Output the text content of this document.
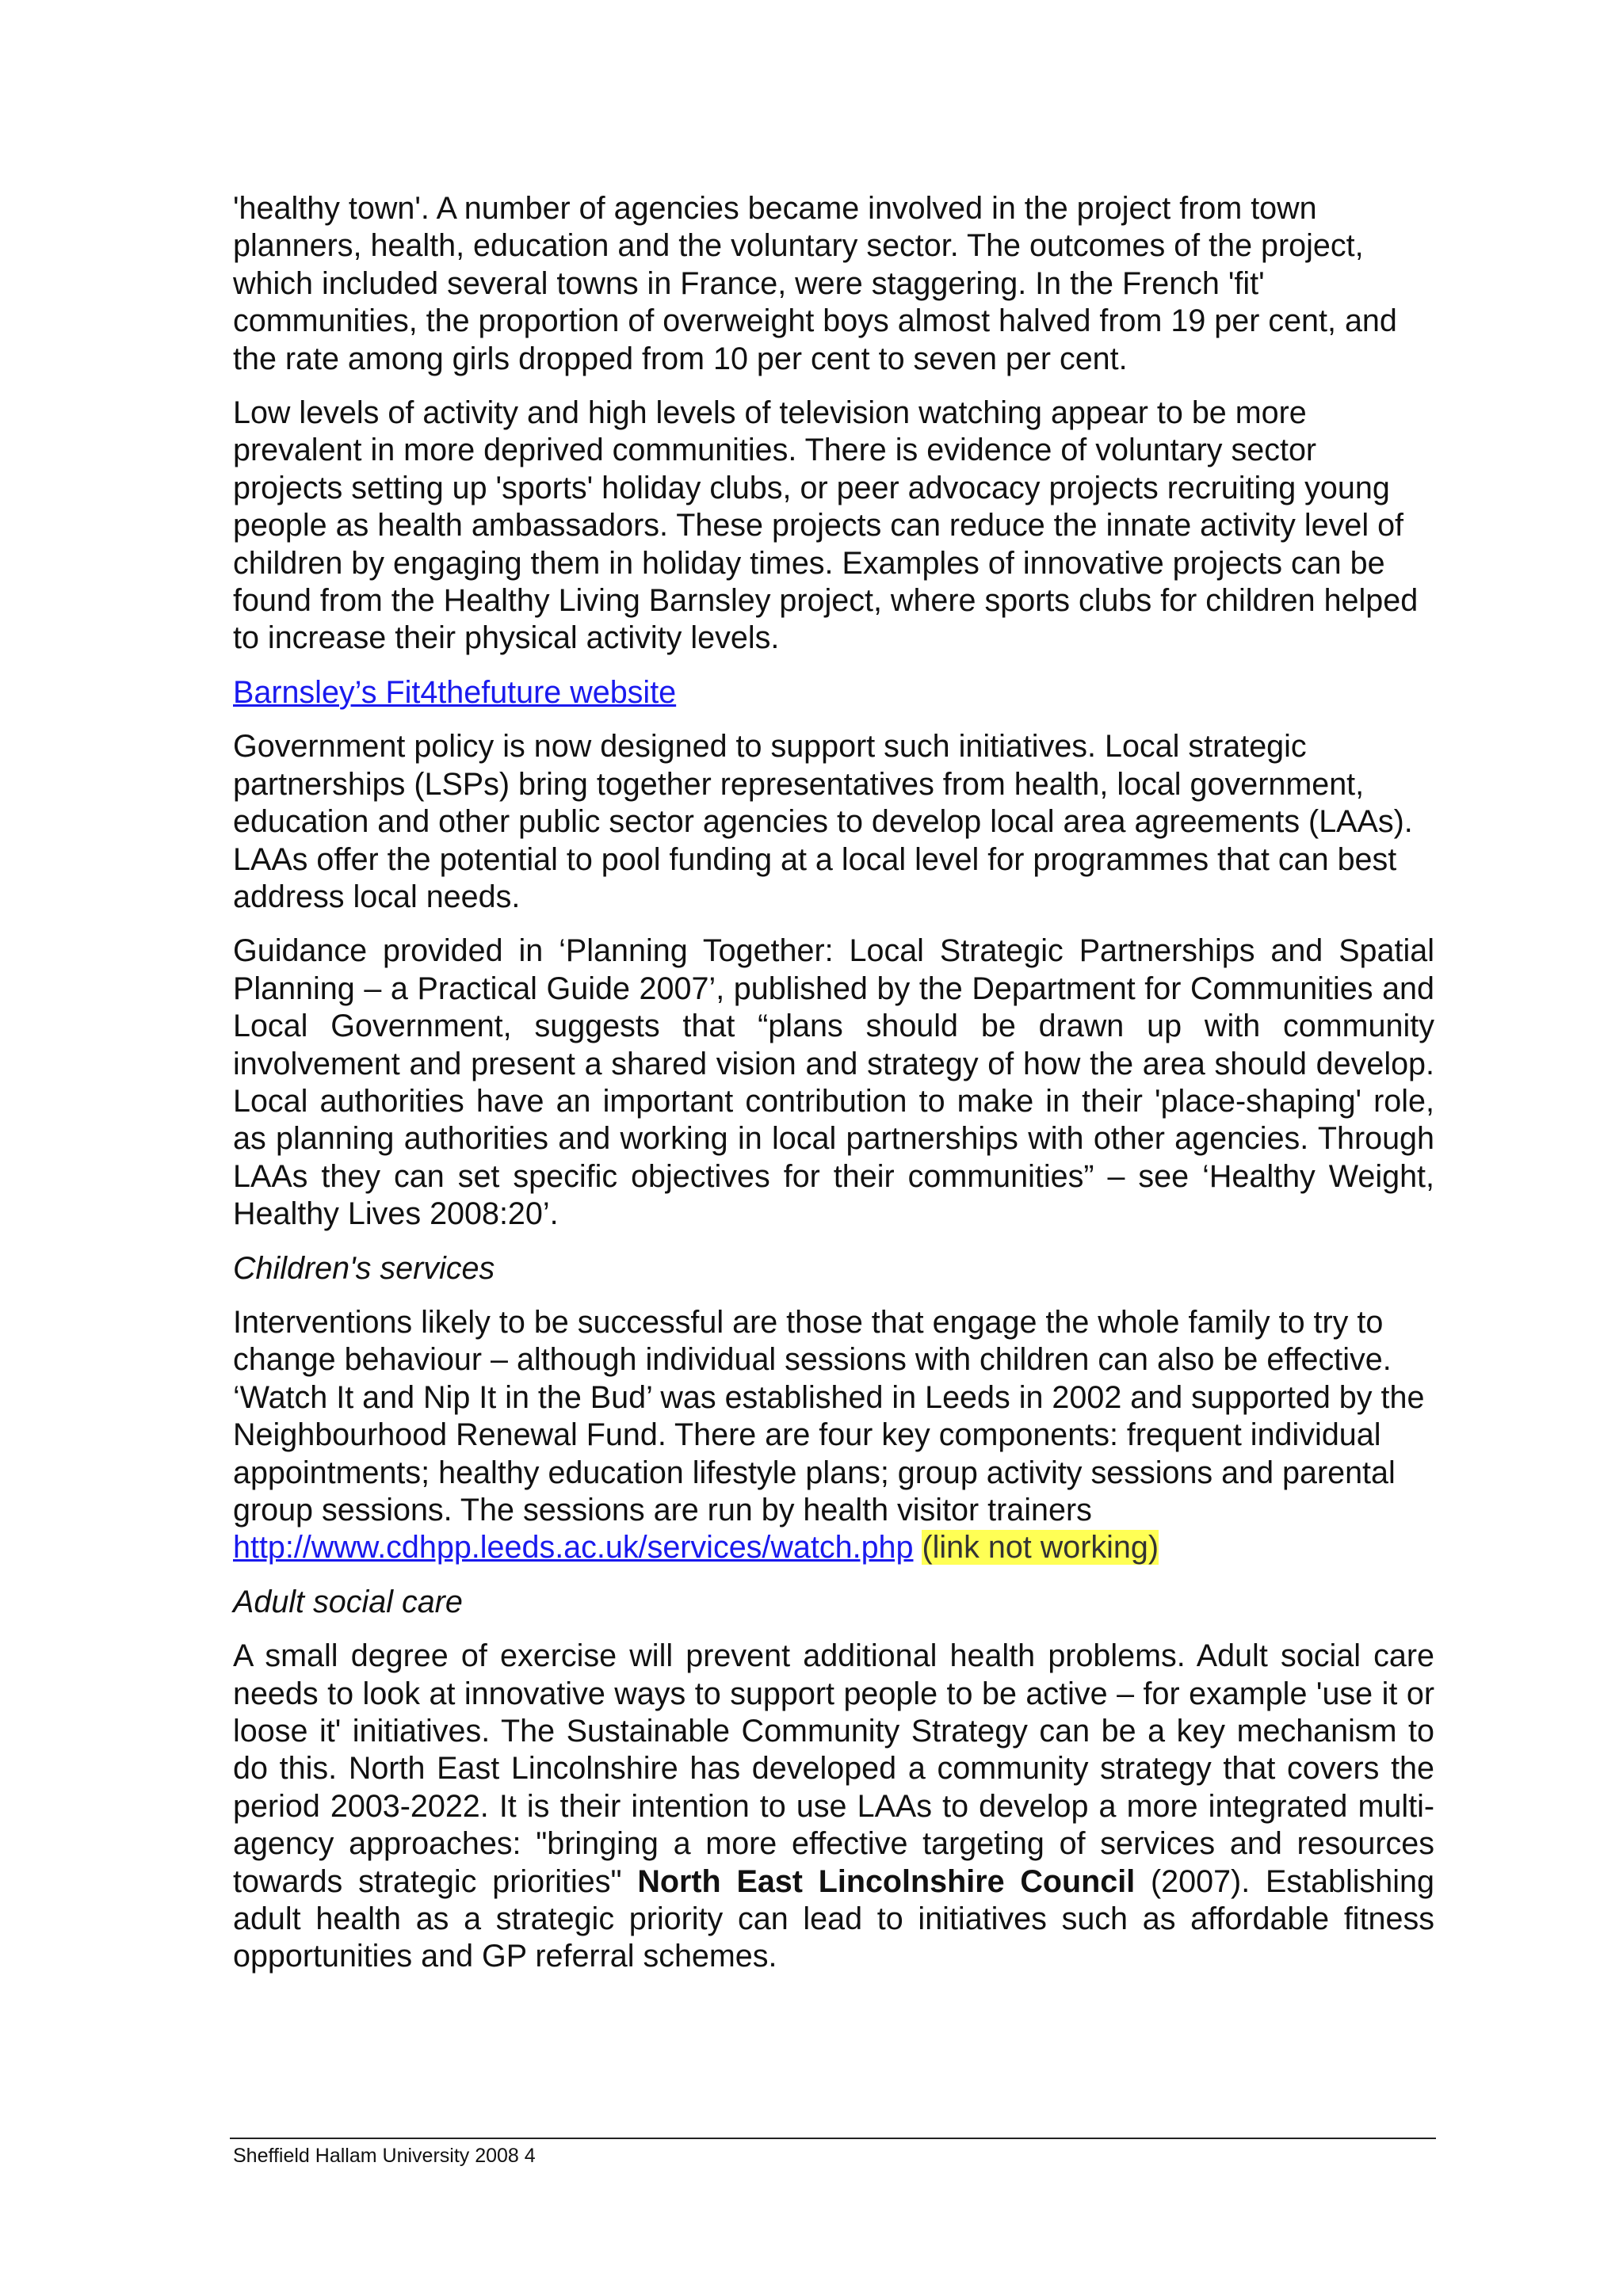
'healthy town'. A number of agencies became involved in the project from town planners, health, education and the voluntary sector. The outcomes of the project, which included several towns in France, were staggering. In the French 'fit' communities, the proportion of overweight boys almost halved from 19 per cent, and the rate among girls dropped from 10 per cent to seven per cent.

Low levels of activity and high levels of television watching appear to be more prevalent in more deprived communities. There is evidence of voluntary sector projects setting up 'sports' holiday clubs, or peer advocacy projects recruiting young people as health ambassadors. These projects can reduce the innate activity level of children by engaging them in holiday times. Examples of innovative projects can be found from the Healthy Living Barnsley project, where sports clubs for children helped to increase their physical activity levels.

Barnsley’s Fit4thefuture website

Government policy is now designed to support such initiatives. Local strategic partnerships (LSPs) bring together representatives from health, local government, education and other public sector agencies to develop local area agreements (LAAs). LAAs offer the potential to pool funding at a local level for programmes that can best address local needs.

Guidance provided in ‘Planning Together: Local Strategic Partnerships and Spatial Planning – a Practical Guide 2007’, published by the Department for Communities and Local Government, suggests that “plans should be drawn up with community involvement and present a shared vision and strategy of how the area should develop. Local authorities have an important contribution to make in their 'place-shaping' role, as planning authorities and working in local partnerships with other agencies. Through LAAs they can set specific objectives for their communities” – see ‘Healthy Weight, Healthy Lives 2008:20’.

Children's services

Interventions likely to be successful are those that engage the whole family to try to change behaviour – although individual sessions with children can also be effective. ‘Watch It and Nip It in the Bud’ was established in Leeds in 2002 and supported by the Neighbourhood Renewal Fund. There are four key components: frequent individual appointments; healthy education lifestyle plans; group activity sessions and parental group sessions. The sessions are run by health visitor trainers http://www.cdhpp.leeds.ac.uk/services/watch.php (link not working)

Adult social care

A small degree of exercise will prevent additional health problems. Adult social care needs to look at innovative ways to support people to be active – for example 'use it or loose it' initiatives. The Sustainable Community Strategy can be a key mechanism to do this. North East Lincolnshire has developed a community strategy that covers the period 2003-2022. It is their intention to use LAAs to develop a more integrated multi-agency approaches: "bringing a more effective targeting of services and resources towards strategic priorities" North East Lincolnshire Council (2007). Establishing adult health as a strategic priority can lead to initiatives such as affordable fitness opportunities and GP referral schemes.

Sheffield Hallam University 2008 4
